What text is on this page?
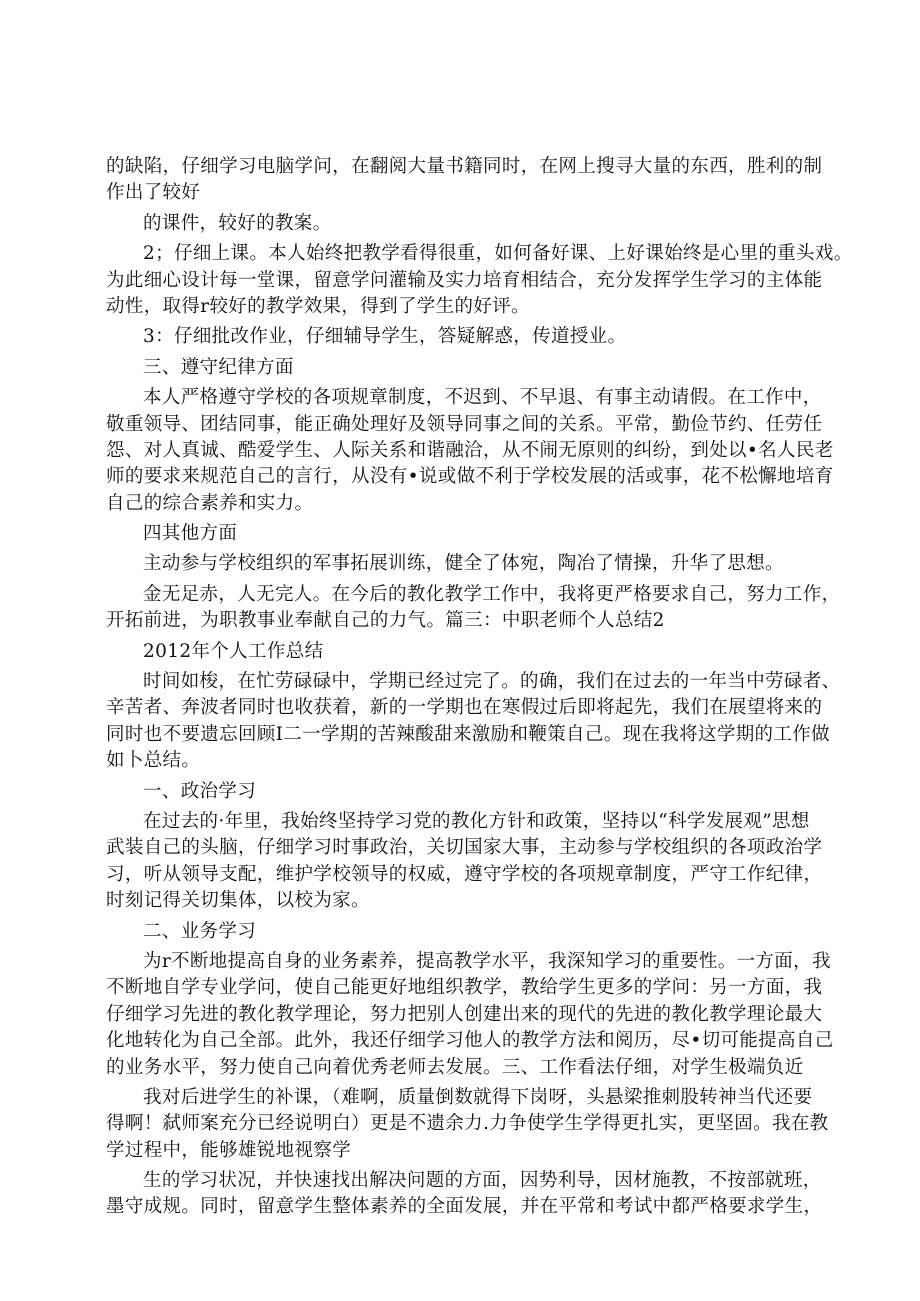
的缺陷，仔细学习电脑学问，在翻阅大量书籍同时，在网上搜寻大量的东西，胜利的制

作出了较好

的课件，较好的教案。

2；仔细上课。本人始终把教学看得很重，如何备好课、上好课始终是心里的重头戏。

为此细心设计每一堂课，留意学问灌输及实力培育相结合，充分发挥学生学习的主体能

动性，取得r较好的教学效果，得到了学生的好评。

3：仔细批改作业，仔细辅导学生，答疑解惑，传道授业。

三、遵守纪律方面

本人严格遵守学校的各项规章制度，不迟到、不早退、有事主动请假。在工作中，

敬重领导、团结同事，能正确处理好及领导同事之间的关系。平常，勤俭节约、任劳任

怨、对人真诚、酷爱学生、人际关系和谐融洽，从不闹无原则的纠纷，到处以•名人民老

师的要求来规范自己的言行，从没有•说或做不利于学校发展的活或事，花不松懈地培育

自己的综合素养和实力。

四其他方面

主动参与学校组织的军事拓展训练，健全了体宛，陶冶了情操，升华了思想。

金无足赤，人无完人。在今后的教化教学工作中，我将更严格要求自己，努力工作，

开拓前进，为职教事业奉献自己的力气。篇三：中职老师个人总结2

2012年个人工作总结

时间如梭，在忙劳碌碌中，学期已经过完了。的确，我们在过去的一年当中劳碌者、

辛苦者、奔波者同时也收获着，新的一学期也在寒假过后即将起先，我们在展望将来的

同时也不要遗忘回顾I二一学期的苦辣酸甜来激励和鞭策自己。现在我将这学期的工作做

如卜总结。

一、政治学习

在过去的·年里，我始终坚持学习党的教化方针和政策，坚持以“科学发展观”思想

武装自己的头脑，仔细学习时事政治，关切国家大事，主动参与学校组织的各项政治学

习，听从领导支配，维护学校领导的权威，遵守学校的各项规章制度，严守工作纪律，

时刻记得关切集体，以校为家。

二、业务学习

为r不断地提高自身的业务素养，提高教学水平，我深知学习的重要性。一方面，我

不断地自学专业学问，使自己能更好地组织教学，教给学生更多的学问：另一方面，我

仔细学习先进的教化教学理论，努力把别人创建出来的现代的先进的教化教学理论最大

化地转化为自己全部。此外，我还仔细学习他人的教学方法和阅历，尽•切可能提高自己

的业务水平，努力使自己向着优秀老师去发展。三、工作看法仔细，对学生极端负近

我对后进学生的补课，（难啊，质量倒数就得下岗呀，头悬梁推刺股转神当代还要

得啊！弑师案充分已经说明白）更是不遗余力.力争使学生学得更扎实，更坚固。我在教

学过程中，能够雄锐地视察学

生的学习状况，并快速找出解决问题的方面，因势利导，因材施教，不按部就班，

墨守成规。同时，留意学生整体素养的全面发展，并在平常和考试中都严格要求学生，
